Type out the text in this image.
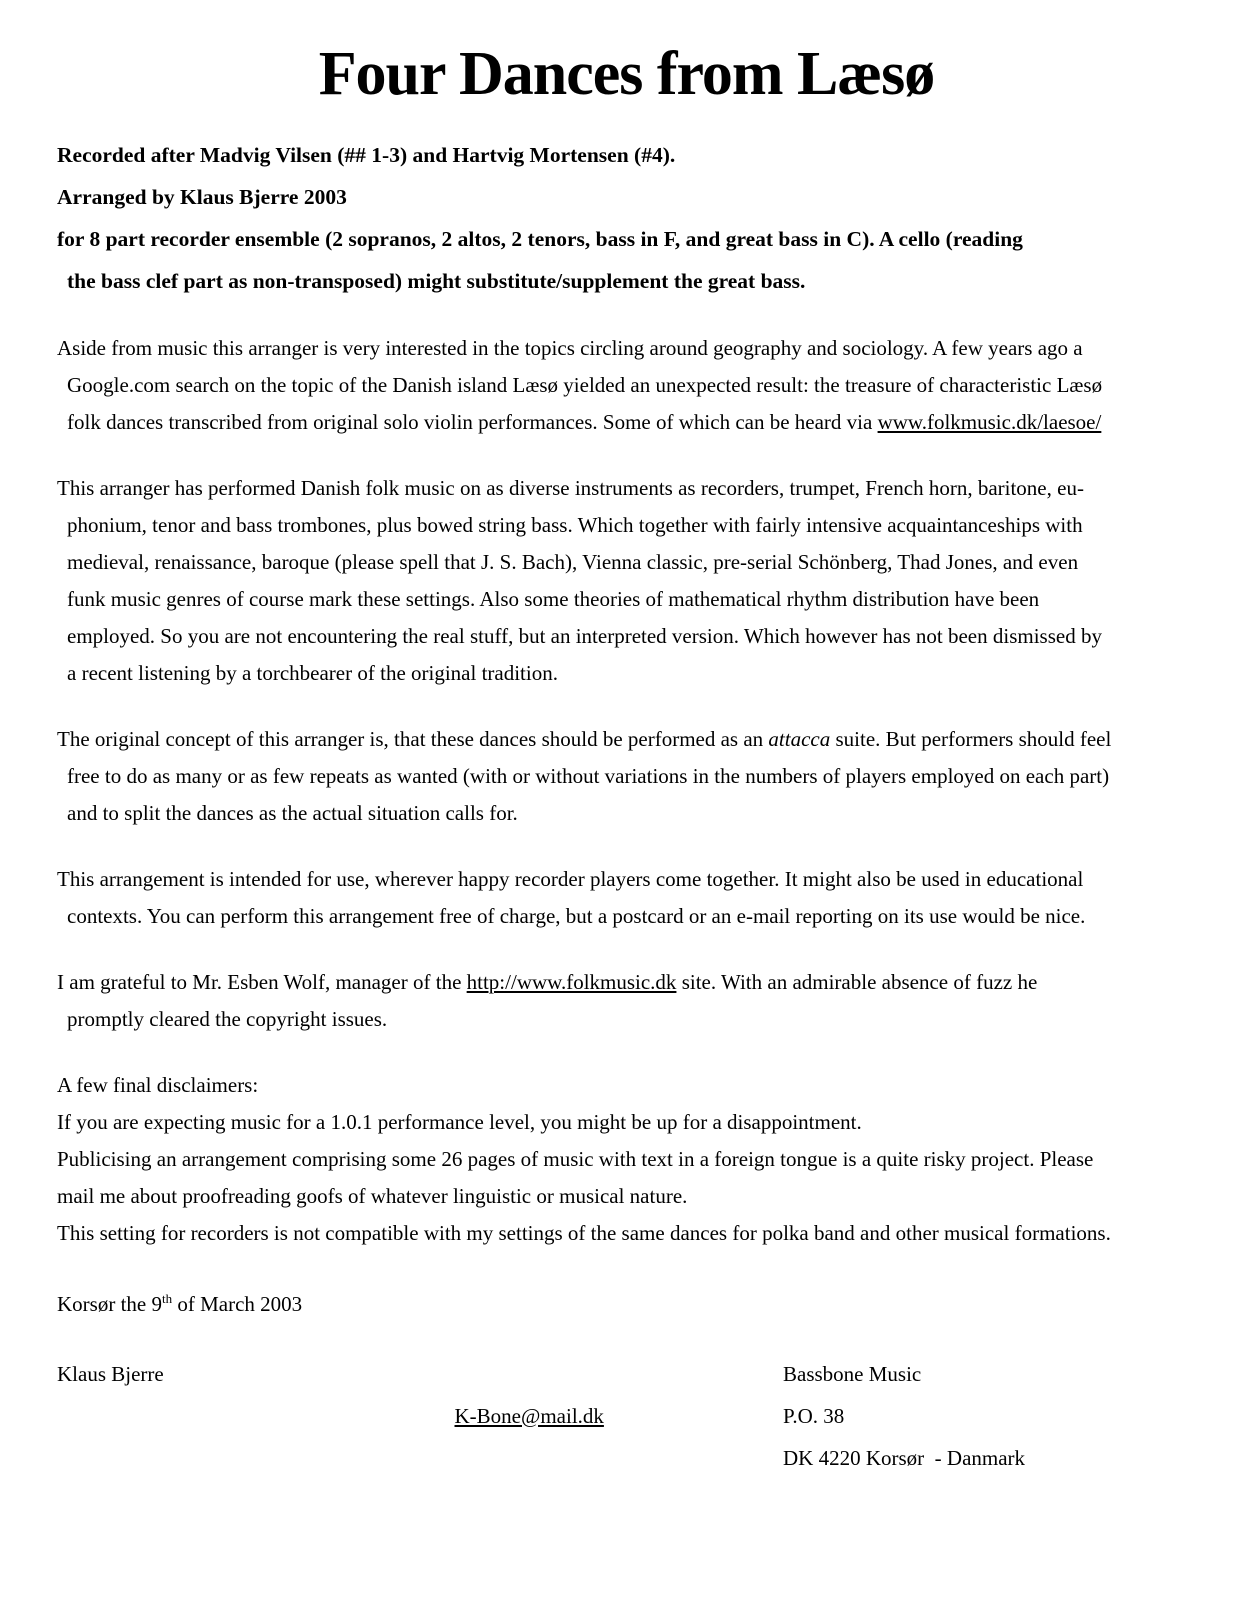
Four Dances from Læsø

Recorded after Madvig Vilsen (## 1-3) and Hartvig Mortensen (#4).

Arranged by Klaus Bjerre 2003

for 8 part recorder ensemble (2 sopranos, 2 altos, 2 tenors, bass in F, and great bass in C). A cello (reading
the bass clef part as non-transposed) might substitute/supplement the great bass.

Aside from music this arranger is very interested in the topics circling around geography and sociology. A few years ago a
Google.com search on the topic of the Danish island Læsø yielded an unexpected result: the treasure of characteristic Læsø
folk dances transcribed from original solo violin performances. Some of which can be heard via www.folkmusic.dk/laesoe/

This arranger has performed Danish folk music on as diverse instruments as recorders, trumpet, French horn, baritone, eu-
phonium, tenor and bass trombones, plus bowed string bass. Which together with fairly intensive acquaintanceships with
medieval, renaissance, baroque (please spell that J. S. Bach), Vienna classic, pre-serial Schönberg, Thad Jones, and even
funk music genres of course mark these settings. Also some theories of mathematical rhythm distribution have been
employed. So you are not encountering the real stuff, but an interpreted version. Which however has not been dismissed by
a recent listening by a torchbearer of the original tradition.

The original concept of this arranger is, that these dances should be performed as an attacca suite. But performers should feel
free to do as many or as few repeats as wanted (with or without variations in the numbers of players employed on each part)
and to split the dances as the actual situation calls for.

This arrangement is intended for use, wherever happy recorder players come together. It might also be used in educational
contexts. You can perform this arrangement free of charge, but a postcard or an e-mail reporting on its use would be nice.

I am grateful to Mr. Esben Wolf, manager of the http://www.folkmusic.dk site. With an admirable absence of fuzz he
promptly cleared the copyright issues.

A few final disclaimers:
If you are expecting music for a 1.0.1 performance level, you might be up for a disappointment.
Publicising an arrangement comprising some 26 pages of music with text in a foreign tongue is a quite risky project. Please
mail me about proofreading goofs of whatever linguistic or musical nature.
This setting for recorders is not compatible with my settings of the same dances for polka band and other musical formations.

Korsør the 9th of March 2003

Klaus Bjerre

K-Bone@mail.dk

Bassbone Music
P.O. 38
DK 4220 Korsør  - Danmark
